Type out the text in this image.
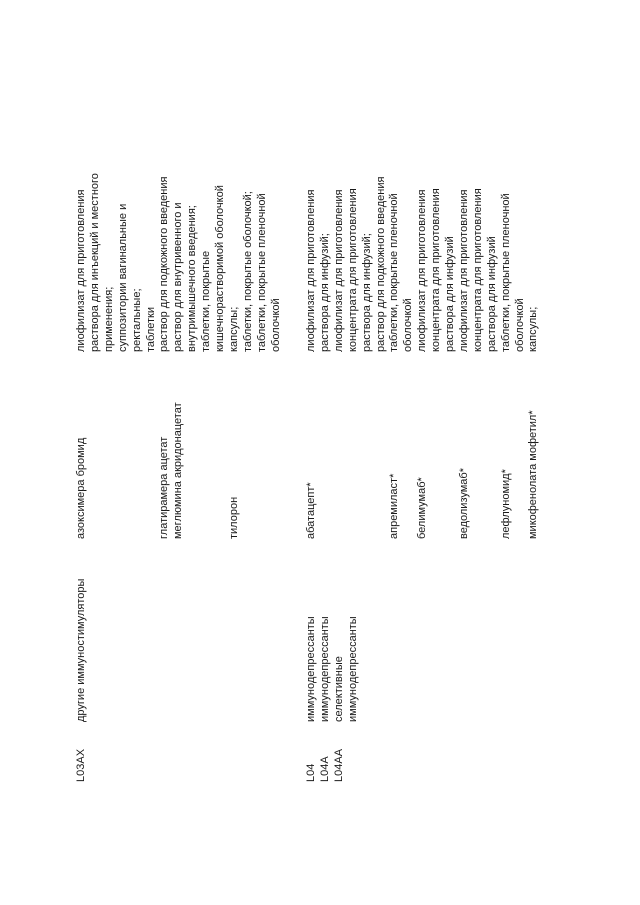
L03AX
другие иммуностимуляторы
азоксимера бромид
лиофилизат для приготовления раствора для инъекций и местного применения; суппозитории вагинальные и ректальные; таблетки
глатирамера ацетат
раствор для подкожного введения
меглюмина акридонацетат
раствор для внутривенного и внутримышечного введения; таблетки, покрытые кишечнорастворимой оболочкой
тилорон
капсулы; таблетки, покрытые оболочкой; таблетки, покрытые пленочной оболочкой
L04 L04A L04AA
иммунодепрессанты иммунодепрессанты селективные иммунодепрессанты
абатацепт*
лиофилизат для приготовления раствора для инфузий; лиофилизат для приготовления концентрата для приготовления раствора для инфузий; раствор для подкожного введения
апремиласт*
таблетки, покрытые пленочной оболочкой
белимумаб*
лиофилизат для приготовления концентрата для приготовления раствора для инфузий
ведолизумаб*
лиофилизат для приготовления концентрата для приготовления раствора для инфузий
лефлуномид*
таблетки, покрытые пленочной оболочкой
микофенолата мофетил*
капсулы;
